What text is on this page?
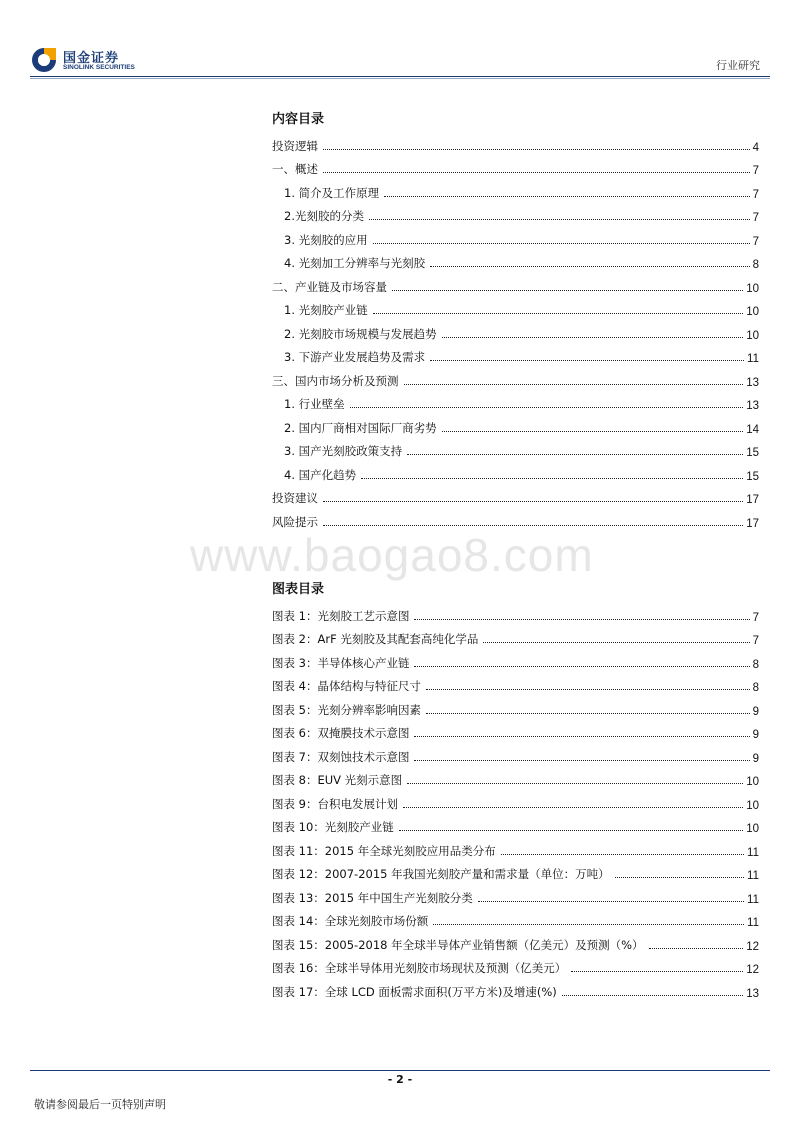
国金证券
SINOLINK SECURITIES	行业研究
内容目录
投资逻辑	4
一、概述	7
1. 简介及工作原理	7
2.光刻胶的分类	7
3. 光刻胶的应用	7
4. 光刻加工分辨率与光刻胶	8
二、产业链及市场容量	10
1. 光刻胶产业链	10
2. 光刻胶市场规模与发展趋势	10
3. 下游产业发展趋势及需求	11
三、国内市场分析及预测	13
1. 行业壁垒	13
2. 国内厂商相对国际厂商劣势	14
3. 国产光刻胶政策支持	15
4. 国产化趋势	15
投资建议	17
风险提示	17
www.baogao8.com
图表目录
图表 1：光刻胶工艺示意图	7
图表 2：ArF 光刻胶及其配套高纯化学品	7
图表 3：半导体核心产业链	8
图表 4：晶体结构与特征尺寸	8
图表 5：光刻分辨率影响因素	9
图表 6：双掩膜技术示意图	9
图表 7：双刻蚀技术示意图	9
图表 8：EUV 光刻示意图	10
图表 9：台积电发展计划	10
图表 10：光刻胶产业链	10
图表 11：2015 年全球光刻胶应用品类分布	11
图表 12：2007-2015 年我国光刻胶产量和需求量（单位：万吨）	11
图表 13：2015 年中国生产光刻胶分类	11
图表 14：全球光刻胶市场份额	11
图表 15：2005-2018 年全球半导体产业销售额（亿美元）及预测（%）	12
图表 16：全球半导体用光刻胶市场现状及预测（亿美元）	12
图表 17：全球 LCD 面板需求面积(万平方米)及增速(%)	13
- 2 -
敬请参阅最后一页特别声明
